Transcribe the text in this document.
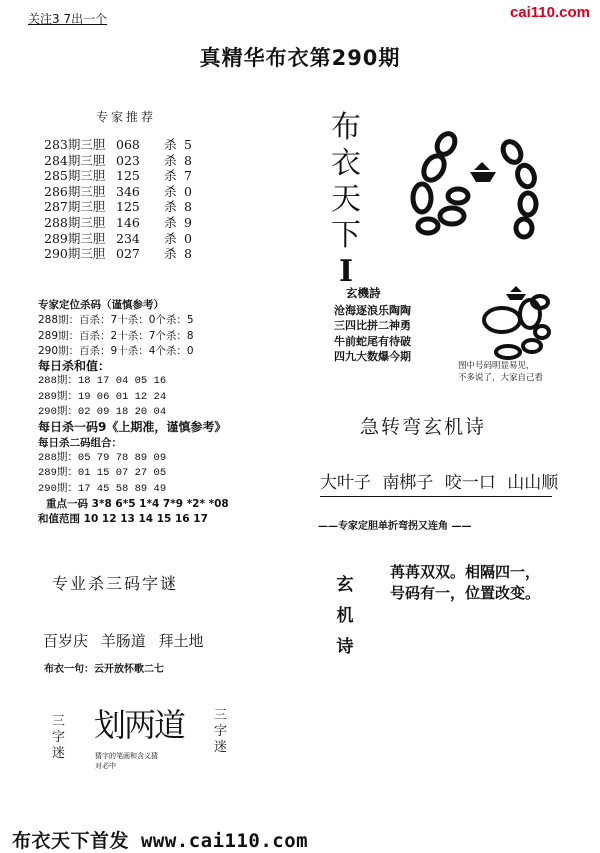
关注3 7出一个	cai110.com
真精华布衣第290期
专家推荐
283期三胆 068 杀 5
284期三胆 023 杀 8
285期三胆 125 杀 7
286期三胆 346 杀 0
287期三胆 125 杀 8
288期三胆 146 杀 9
289期三胆 234 杀 0
290期三胆 027 杀 8
专家定位杀码（谨慎参考）
288期：百杀：7十杀：0个杀：5
289期：百杀：2十杀：7个杀：8
290期：百杀：9十杀：4个杀：0
每日杀和值：
288期：18 17 04 05 16
289期：19 06 01 12 24
290期：02 09 18 20 04
每日杀一码9《上期准，谨慎参考》
每日杀二码组合：
288期：05 79 78 89 09
289期：01 15 07 27 05
290期：17 45 58 89 49
重点一码 3*8 6*5 1*4 7*9 *2* *08
和值范围 10 12 13 14 15 16 17
布
衣
天
下
I
玄機詩
沧海逐浪乐陶陶
三四比拼二神勇
牛前蛇尾有待破
四九大数爆今期
图中号码明显易见，
不多说了，大家自己看
急转弯玄机诗
大叶子 南梆子 咬一口 山山顺
——专家定胆单折弯拐又连角 ——
玄
机
诗
苒苒双双。相隔四一，
号码有一，位置改变。
专业杀三码字谜
百岁庆 羊肠道 拜土地
布衣一句：云开放怀歌二七
三
字
迷
划两道 三
字
迷
猜字的笔画和含义猜
对必中
布衣天下首发 www.cai110.com
